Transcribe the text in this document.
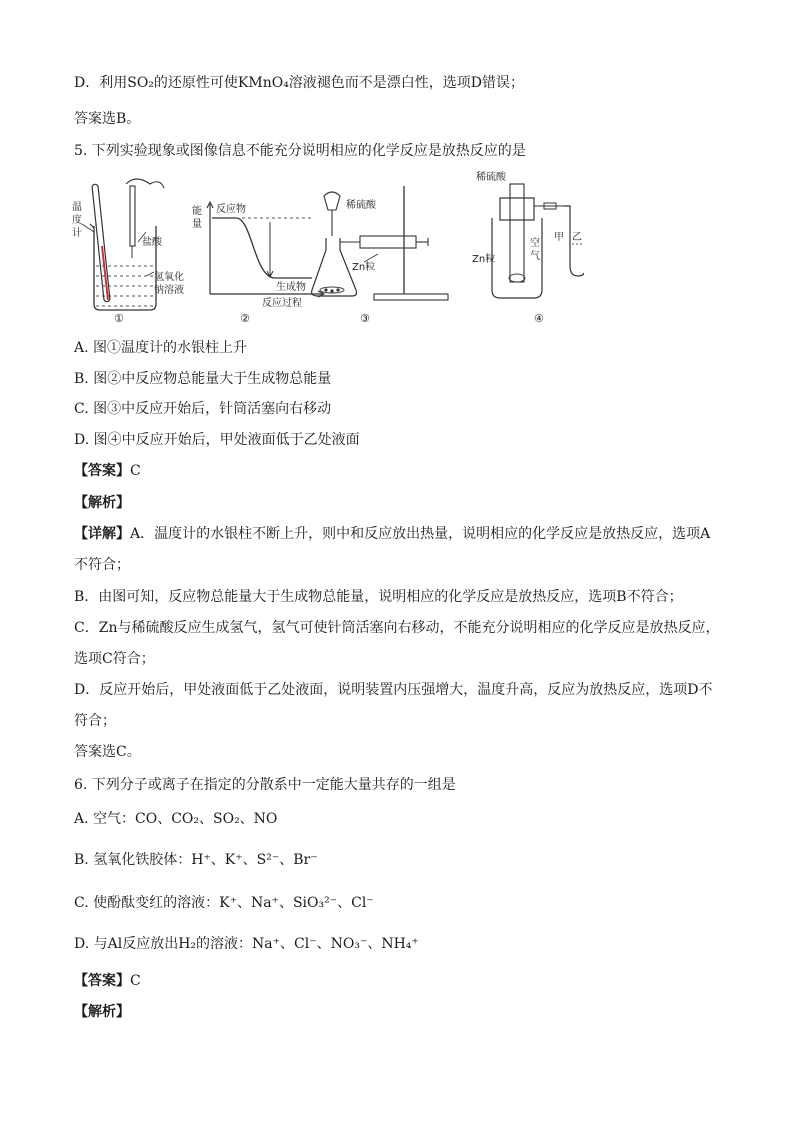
D．利用SO₂的还原性可使KMnO₄溶液褪色而不是漂白性，选项D错误；
答案选B。
5. 下列实验现象或图像信息不能充分说明相应的化学反应是放热反应的是
温
度
计
盐酸
氢氧化
钠溶液
①
能
量
反应物
生成物
反应过程
②
稀硫酸
Zn粒
③
稀硫酸
Zn粒
空
气
甲 乙
④
A. 图①温度计的水银柱上升
B. 图②中反应物总能量大于生成物总能量
C. 图③中反应开始后，针筒活塞向右移动
D. 图④中反应开始后，甲处液面低于乙处液面
【答案】C
【解析】
【详解】A．温度计的水银柱不断上升，则中和反应放出热量，说明相应的化学反应是放热反应，选项A
不符合；
B．由图可知，反应物总能量大于生成物总能量，说明相应的化学反应是放热反应，选项B不符合；
C．Zn与稀硫酸反应生成氢气，氢气可使针筒活塞向右移动，不能充分说明相应的化学反应是放热反应，
选项C符合；
D．反应开始后，甲处液面低于乙处液面，说明装置内压强增大，温度升高，反应为放热反应，选项D不
符合；
答案选C。
6. 下列分子或离子在指定的分散系中一定能大量共存的一组是
A. 空气：CO、CO₂、SO₂、NO
B. 氢氧化铁胶体：H⁺、K⁺、S²⁻、Br⁻
C. 使酚酞变红的溶液：K⁺、Na⁺、SiO₃²⁻、Cl⁻
D. 与Al反应放出H₂的溶液：Na⁺、Cl⁻、NO₃⁻、NH₄⁺
【答案】C
【解析】
